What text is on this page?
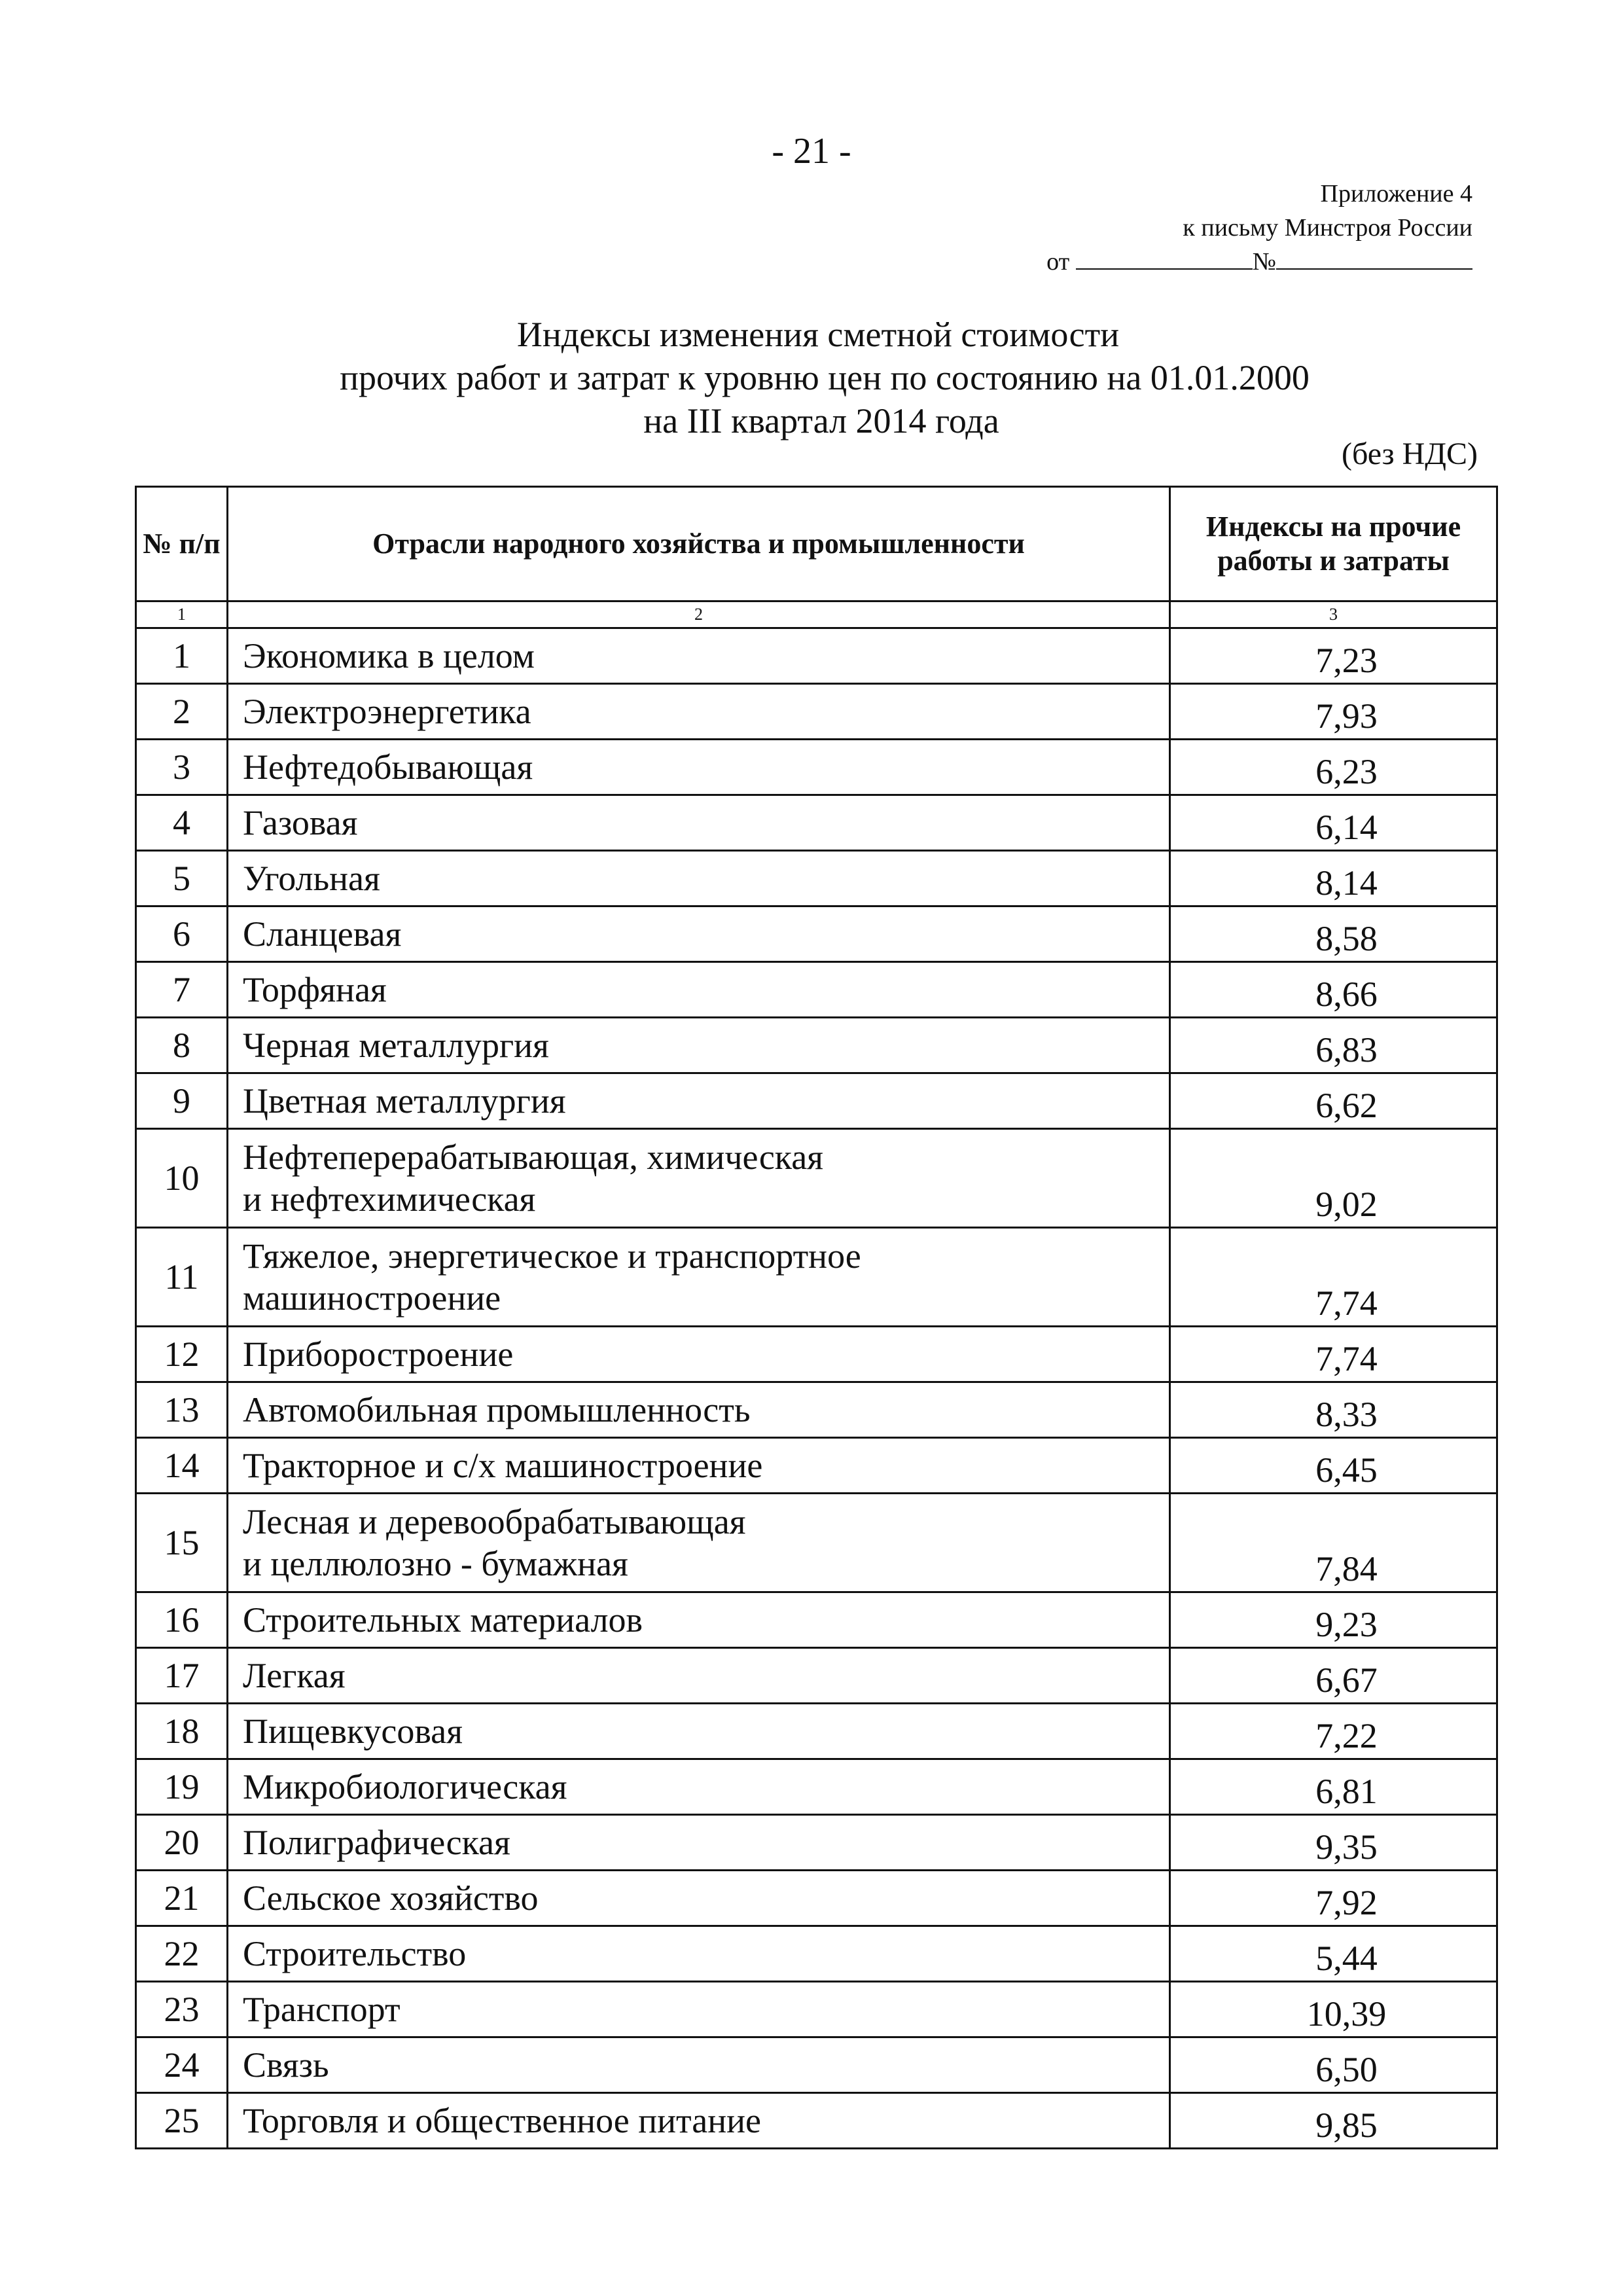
- 21 -
Приложение 4
к письму Минстроя России
от	№
Индексы изменения сметной стоимости
прочих работ и затрат к уровню цен по состоянию на 01.01.2000
на III квартал 2014 года
(без НДС)
№ п/п	Отрасли народного хозяйства и промышленности	Индексы на прочие работы и затраты

1	2	3
1	Экономика в целом	7,23

2	Электроэнергетика	7,93

3	Нефтедобывающая	6,23

4	Газовая	6,14

5	Угольная	8,14

6	Сланцевая	8,58

7	Торфяная	8,66

8	Черная металлургия	6,83

9	Цветная металлургия	6,62

10	Нефтеперерабатывающая, химическая
и нефтехимическая	9,02

11	Тяжелое, энергетическое и транспортное
машиностроение	7,74

12	Приборостроение	7,74

13	Автомобильная промышленность	8,33

14	Тракторное и с/х машиностроение	6,45

15	Лесная и деревообрабатывающая
и целлюлозно - бумажная	7,84

16	Строительных материалов	9,23

17	Легкая	6,67

18	Пищевкусовая	7,22

19	Микробиологическая	6,81

20	Полиграфическая	9,35

21	Сельское хозяйство	7,92

22	Строительство	5,44

23	Транспорт	10,39

24	Связь	6,50

25	Торговля и общественное питание	9,85
